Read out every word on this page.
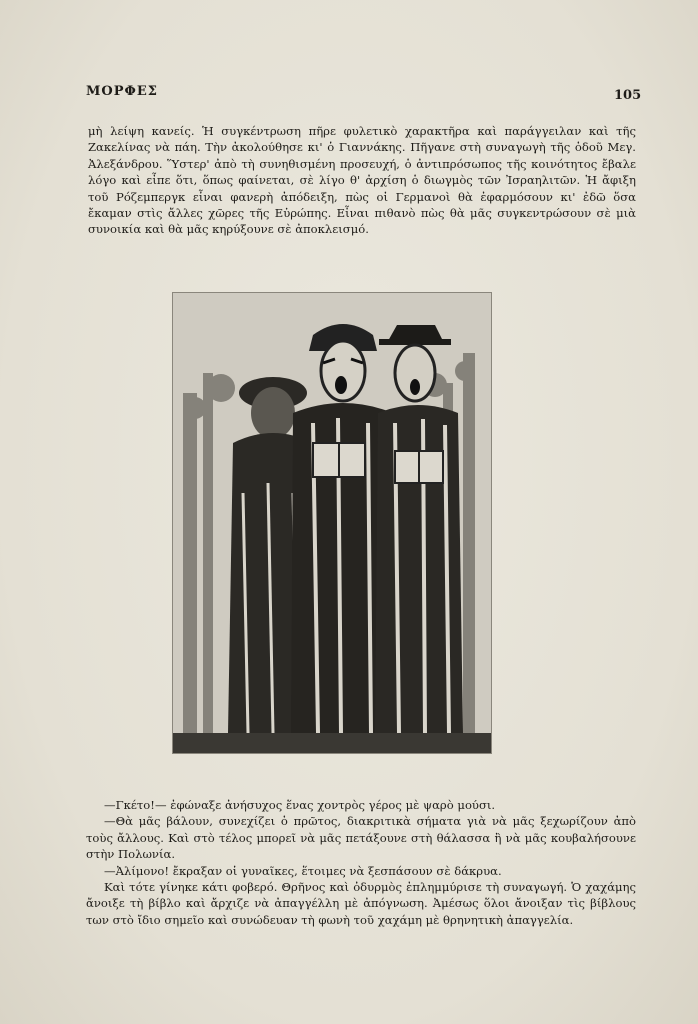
ΜΟΡΦΕΣ	105
μὴ λείψη κανείς. Ἡ συγκέντρωση πῆρε φυλετικὸ χαρακτῆρα καὶ παράγγειλαν καὶ τῆς Ζακελίνας νὰ πάη. Τὴν ἀκολούθησε κι' ὁ Γιαννάκης. Πῆγανε στὴ συναγωγὴ τῆς ὁδοῦ Μεγ. Ἀλεξάνδρου. Ὕστερ' ἀπὸ τὴ συνηθισμένη προσευχή, ὁ ἀντιπρόσωπος τῆς κοινότητος ἔβαλε λόγο καὶ εἶπε ὅτι, ὅπως φαίνεται, σὲ λίγο θ' ἀρχίση ὁ διωγμὸς τῶν Ἰσραηλιτῶν. Ἡ ἄφιξη τοῦ Ρόζεμπεργκ εἶναι φανερὴ ἀπόδειξη, πὼς οἱ Γερμανοὶ θὰ ἐφαρμόσουν κι' ἐδῶ ὅσα ἔκαμαν στὶς ἄλλες χῶρες τῆς Εὐρώπης. Εἶναι πιθανὸ πὼς θὰ μᾶς συγκεντρώσουν σὲ μιὰ συνοικία καὶ θὰ μᾶς κηρύξουνε σὲ ἀποκλεισμό.

—Γκέτο!— ἐφώναξε ἀνήσυχος ἕνας χοντρὸς γέρος μὲ ψαρὸ μούσι.

—Θὰ μᾶς βάλουν, συνεχίζει ὁ πρῶτος, διακριτικὰ σήματα γιὰ νὰ μᾶς ξεχωρίζουν ἀπὸ τοὺς ἄλλους. Καὶ στὸ τέλος μπορεῖ νὰ μᾶς πετάξουνε στὴ θάλασσα ἢ νὰ μᾶς κουβαλήσουνε στὴν Πολωνία.

—Ἀλίμονο! ἔκραξαν οἱ γυναῖκες, ἕτοιμες νὰ ξεσπάσουν σὲ δάκρυα.

Καὶ τότε γίνηκε κάτι φοβερό. Θρῆνος καὶ ὀδυρμὸς ἐπλημμύρισε τὴ συναγωγή. Ὁ χαχάμης ἄνοιξε τὴ βίβλο καὶ ἄρχιζε νὰ ἀπαγγέλλη μὲ ἀπόγνωση. Ἀμέσως ὅλοι ἄνοιξαν τὶς βίβλους των στὸ ἴδιο σημεῖο καὶ συνώδευαν τὴ φωνὴ τοῦ χαχάμη μὲ θρηνητικὴ ἀπαγγελία.
